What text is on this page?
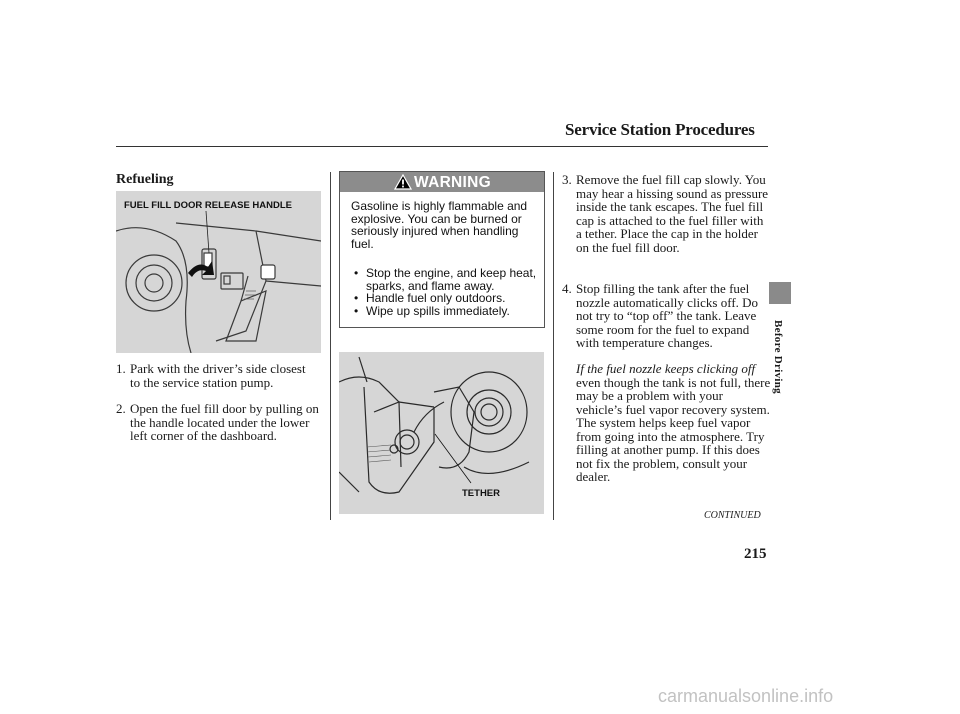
Service Station Procedures
Refueling
FUEL FILL DOOR RELEASE HANDLE
1. Park with the driver’s side closest to the service station pump.
2. Open the fuel fill door by pulling on the handle located under the lower left corner of the dashboard.
WARNING
Gasoline is highly flammable and explosive. You can be burned or seriously injured when handling fuel.
• Stop the engine, and keep heat, sparks, and flame away.
• Handle fuel only outdoors.
• Wipe up spills immediately.
TETHER
3. Remove the fuel fill cap slowly. You may hear a hissing sound as pressure inside the tank escapes. The fuel fill cap is attached to the fuel filler with a tether. Place the cap in the holder on the fuel fill door.
4. Stop filling the tank after the fuel nozzle automatically clicks off. Do not try to “top off” the tank. Leave some room for the fuel to expand with temperature changes.
If the fuel nozzle keeps clicking off
even though the tank is not full, there may be a problem with your vehicle’s fuel vapor recovery system. The system helps keep fuel vapor from going into the atmosphere. Try filling at another pump. If this does not fix the problem, consult your dealer.
Before Driving
CONTINUED
215
carmanualsonline.info
